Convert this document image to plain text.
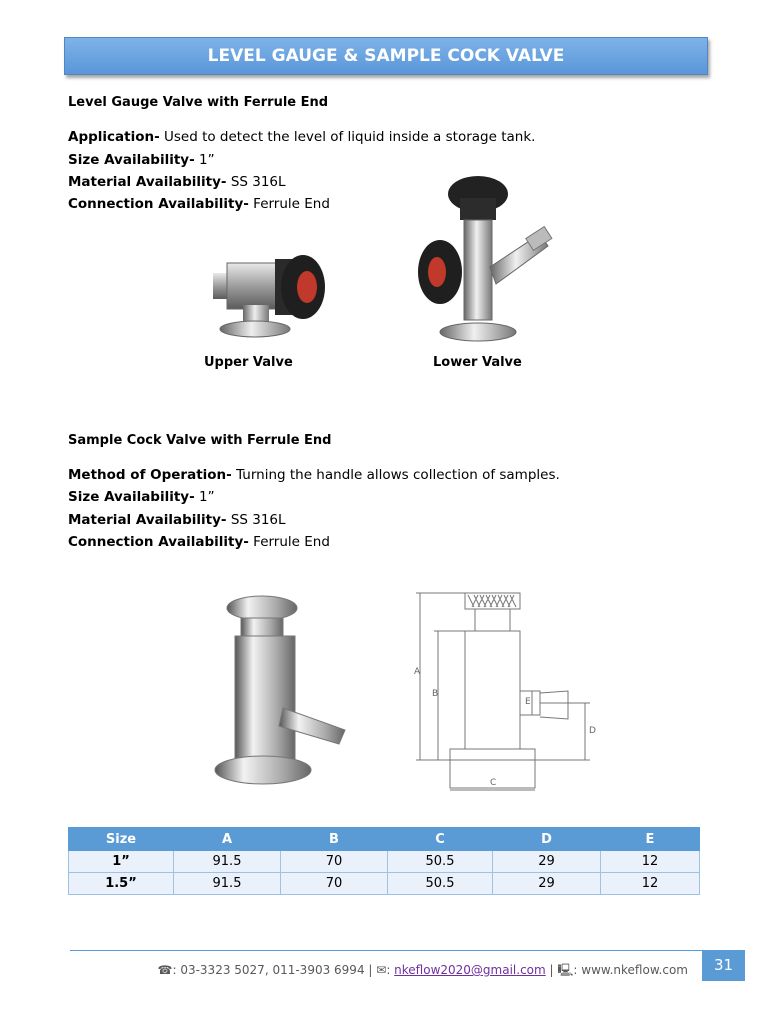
LEVEL GAUGE & SAMPLE COCK VALVE
Level Gauge Valve with Ferrule End
Application- Used to detect the level of liquid inside a storage tank.
Size Availability- 1”
Material Availability- SS 316L
Connection Availability- Ferrule End
Upper Valve	Lower Valve
Sample Cock Valve with Ferrule End
Method of Operation- Turning the handle allows collection of samples.
Size Availability- 1”
Material Availability- SS 316L
Connection Availability- Ferrule End
A
B
C
D
E
Size	A	B	C	D	E
1”	91.5	70	50.5	29	12
1.5”	91.5	70	50.5	29	12
☎: 03-3323 5027, 011-3903 6994 | ✉: nkeflow2020@gmail.com | 🖳: www.nkeflow.com	31
